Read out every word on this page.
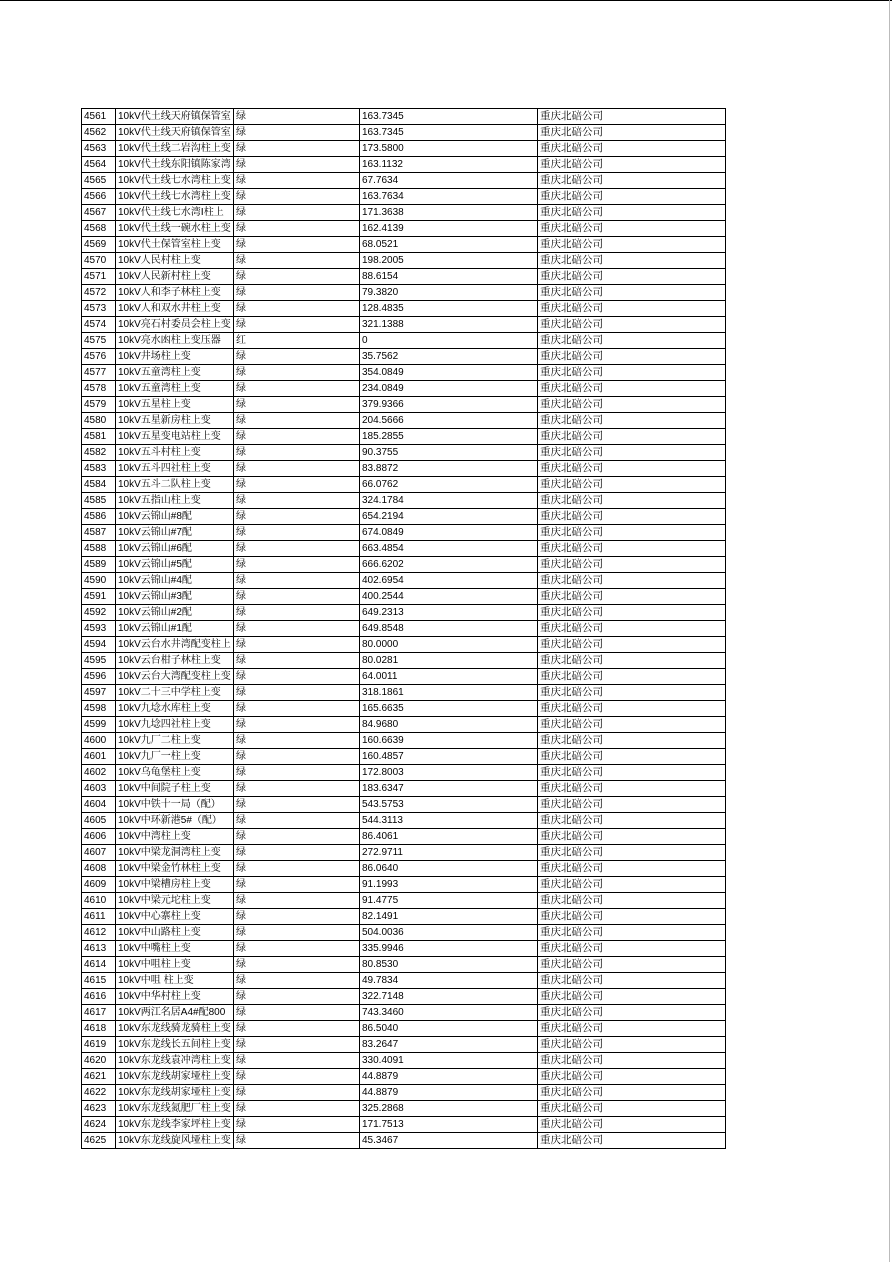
4561	10kV代土线天府镇保管室	绿	163.7345	重庆北碚公司
4562	10kV代土线天府镇保管室	绿	163.7345	重庆北碚公司
4563	10kV代土线二岩沟柱上变	绿	173.5800	重庆北碚公司
4564	10kV代土线东阳镇陈家湾	绿	163.1132	重庆北碚公司
4565	10kV代土线七水湾柱上变	绿	67.7634	重庆北碚公司
4566	10kV代土线七水湾柱上变	绿	163.7634	重庆北碚公司
4567	10kV代土线七水湾Ⅰ柱上	绿	171.3638	重庆北碚公司
4568	10kV代土线一碗水柱上变	绿	162.4139	重庆北碚公司
4569	10kV代土保管室柱上变	绿	68.0521	重庆北碚公司
4570	10kV人民村柱上变	绿	198.2005	重庆北碚公司
4571	10kV人民新村柱上变	绿	88.6154	重庆北碚公司
4572	10kV人和李子林柱上变	绿	79.3820	重庆北碚公司
4573	10kV人和双水井柱上变	绿	128.4835	重庆北碚公司
4574	10kV亮石村委员会柱上变	绿	321.1388	重庆北碚公司
4575	10kV亮水凼柱上变压器	红	0	重庆北碚公司
4576	10kV井场柱上变	绿	35.7562	重庆北碚公司
4577	10kV五童湾柱上变	绿	354.0849	重庆北碚公司
4578	10kV五童湾柱上变	绿	234.0849	重庆北碚公司
4579	10kV五星柱上变	绿	379.9366	重庆北碚公司
4580	10kV五星新房柱上变	绿	204.5666	重庆北碚公司
4581	10kV五星变电站柱上变	绿	185.2855	重庆北碚公司
4582	10kV五斗村柱上变	绿	90.3755	重庆北碚公司
4583	10kV五斗四社柱上变	绿	83.8872	重庆北碚公司
4584	10kV五斗二队柱上变	绿	66.0762	重庆北碚公司
4585	10kV五指山柱上变	绿	324.1784	重庆北碚公司
4586	10kV云锦山#8配	绿	654.2194	重庆北碚公司
4587	10kV云锦山#7配	绿	674.0849	重庆北碚公司
4588	10kV云锦山#6配	绿	663.4854	重庆北碚公司
4589	10kV云锦山#5配	绿	666.6202	重庆北碚公司
4590	10kV云锦山#4配	绿	402.6954	重庆北碚公司
4591	10kV云锦山#3配	绿	400.2544	重庆北碚公司
4592	10kV云锦山#2配	绿	649.2313	重庆北碚公司
4593	10kV云锦山#1配	绿	649.8548	重庆北碚公司
4594	10kV云台水井湾配变柱上	绿	80.0000	重庆北碚公司
4595	10kV云台柑子林柱上变	绿	80.0281	重庆北碚公司
4596	10kV云台大湾配变柱上变	绿	64.0011	重庆北碚公司
4597	10kV二十三中学柱上变	绿	318.1861	重庆北碚公司
4598	10kV九埝水库柱上变	绿	165.6635	重庆北碚公司
4599	10kV九埝四社柱上变	绿	84.9680	重庆北碚公司
4600	10kV九厂二柱上变	绿	160.6639	重庆北碚公司
4601	10kV九厂一柱上变	绿	160.4857	重庆北碚公司
4602	10kV乌龟堡柱上变	绿	172.8003	重庆北碚公司
4603	10kV中间院子柱上变	绿	183.6347	重庆北碚公司
4604	10kV中铁十一局（配）	绿	543.5753	重庆北碚公司
4605	10kV中环新港5#（配）	绿	544.3113	重庆北碚公司
4606	10kV中湾柱上变	绿	86.4061	重庆北碚公司
4607	10kV中梁龙洞湾柱上变	绿	272.9711	重庆北碚公司
4608	10kV中梁金竹林柱上变	绿	86.0640	重庆北碚公司
4609	10kV中梁槽房柱上变	绿	91.1993	重庆北碚公司
4610	10kV中梁元坨柱上变	绿	91.4775	重庆北碚公司
4611	10kV中心寨柱上变	绿	82.1491	重庆北碚公司
4612	10kV中山路柱上变	绿	504.0036	重庆北碚公司
4613	10kV中嘴柱上变	绿	335.9946	重庆北碚公司
4614	10kV中咀柱上变	绿	80.8530	重庆北碚公司
4615	10kV中咀 柱上变	绿	49.7834	重庆北碚公司
4616	10kV中华村柱上变	绿	322.7148	重庆北碚公司
4617	10kV两江名居A4#配800	绿	743.3460	重庆北碚公司
4618	10kV东龙线骑龙骑柱上变	绿	86.5040	重庆北碚公司
4619	10kV东龙线长五间柱上变	绿	83.2647	重庆北碚公司
4620	10kV东龙线袁冲湾柱上变	绿	330.4091	重庆北碚公司
4621	10kV东龙线胡家垭柱上变	绿	44.8879	重庆北碚公司
4622	10kV东龙线胡家垭柱上变	绿	44.8879	重庆北碚公司
4623	10kV东龙线氮肥厂柱上变	绿	325.2868	重庆北碚公司
4624	10kV东龙线李家坪柱上变	绿	171.7513	重庆北碚公司
4625	10kV东龙线旋风垭柱上变	绿	45.3467	重庆北碚公司
